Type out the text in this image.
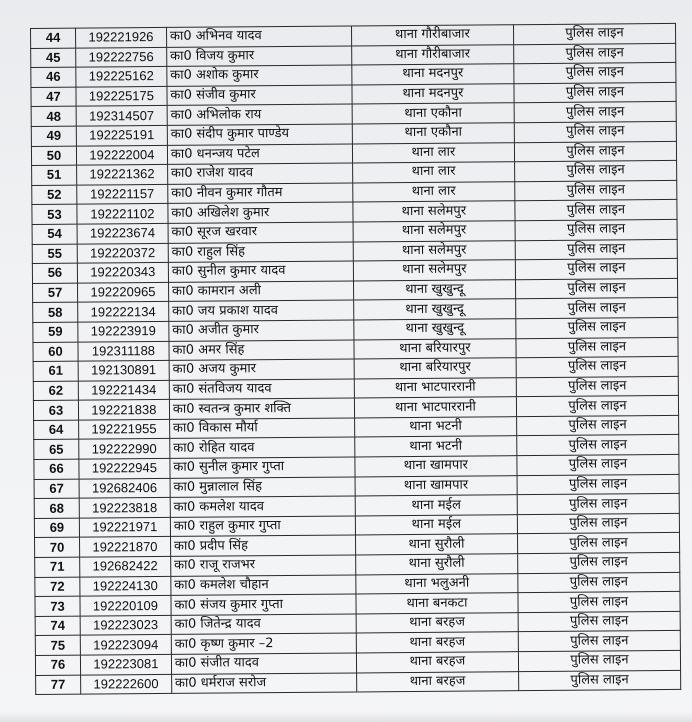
44	192221926	का0 अभिनव यादव	थाना गौरीबाजार	पुलिस लाइन
45	192222756	का0 विजय कुमार	थाना गौरीबाजार	पुलिस लाइन
46	192225162	का0 अशोक कुमार	थाना मदनपुर	पुलिस लाइन
47	192225175	का0 संजीव कुमार	थाना मदनपुर	पुलिस लाइन
48	192314507	का0 अभिलोक राय	थाना एकौना	पुलिस लाइन
49	192225191	का0 संदीप कुमार पाण्डेय	थाना एकौना	पुलिस लाइन
50	192222004	का0 धनन्जय पटेल	थाना लार	पुलिस लाइन
51	192221362	का0 राजेश यादव	थाना लार	पुलिस लाइन
52	192221157	का0 नीवन कुमार गौतम	थाना लार	पुलिस लाइन
53	192221102	का0 अखिलेश कुमार	थाना सलेमपुर	पुलिस लाइन
54	192223674	का0 सूरज खरवार	थाना सलेमपुर	पुलिस लाइन
55	192220372	का0 राहुल सिंह	थाना सलेमपुर	पुलिस लाइन
56	192220343	का0 सुनील कुमार यादव	थाना सलेमपुर	पुलिस लाइन
57	192220965	का0 कामरान अली	थाना खुखुन्दू	पुलिस लाइन
58	192222134	का0 जय प्रकाश यादव	थाना खुखुन्दू	पुलिस लाइन
59	192223919	का0 अजीत कुमार	थाना खुखुन्दू	पुलिस लाइन
60	192311188	का0 अमर सिंह	थाना बरियारपुर	पुलिस लाइन
61	192130891	का0 अजय कुमार	थाना बरियारपुर	पुलिस लाइन
62	192221434	का0 संतविजय यादव	थाना भाटपाररानी	पुलिस लाइन
63	192221838	का0 स्वतन्त्र कुमार शक्ति	थाना भाटपाररानी	पुलिस लाइन
64	192221955	का0 विकास मौर्या	थाना भटनी	पुलिस लाइन
65	192222990	का0 रोहित यादव	थाना भटनी	पुलिस लाइन
66	192222945	का0 सुनील कुमार गुप्ता	थाना खामपार	पुलिस लाइन
67	192682406	का0 मुन्नालाल सिंह	थाना खामपार	पुलिस लाइन
68	192223818	का0 कमलेश यादव	थाना मईल	पुलिस लाइन
69	192221971	का0 राहुल कुमार गुप्ता	थाना मईल	पुलिस लाइन
70	192221870	का0 प्रदीप सिंह	थाना सुरौली	पुलिस लाइन
71	192682422	का0 राजू राजभर	थाना सुरौली	पुलिस लाइन
72	192224130	का0 कमलेश चौहान	थाना भलुअनी	पुलिस लाइन
73	192220109	का0 संजय कुमार गुप्ता	थाना बनकटा	पुलिस लाइन
74	192223023	का0 जितेन्द्र यादव	थाना बरहज	पुलिस लाइन
75	192223094	का0 कृष्ण कुमार –2	थाना बरहज	पुलिस लाइन
76	192223081	का0 संजीत यादव	थाना बरहज	पुलिस लाइन
77	192222600	का0 धर्मराज सरोज	थाना बरहज	पुलिस लाइन
